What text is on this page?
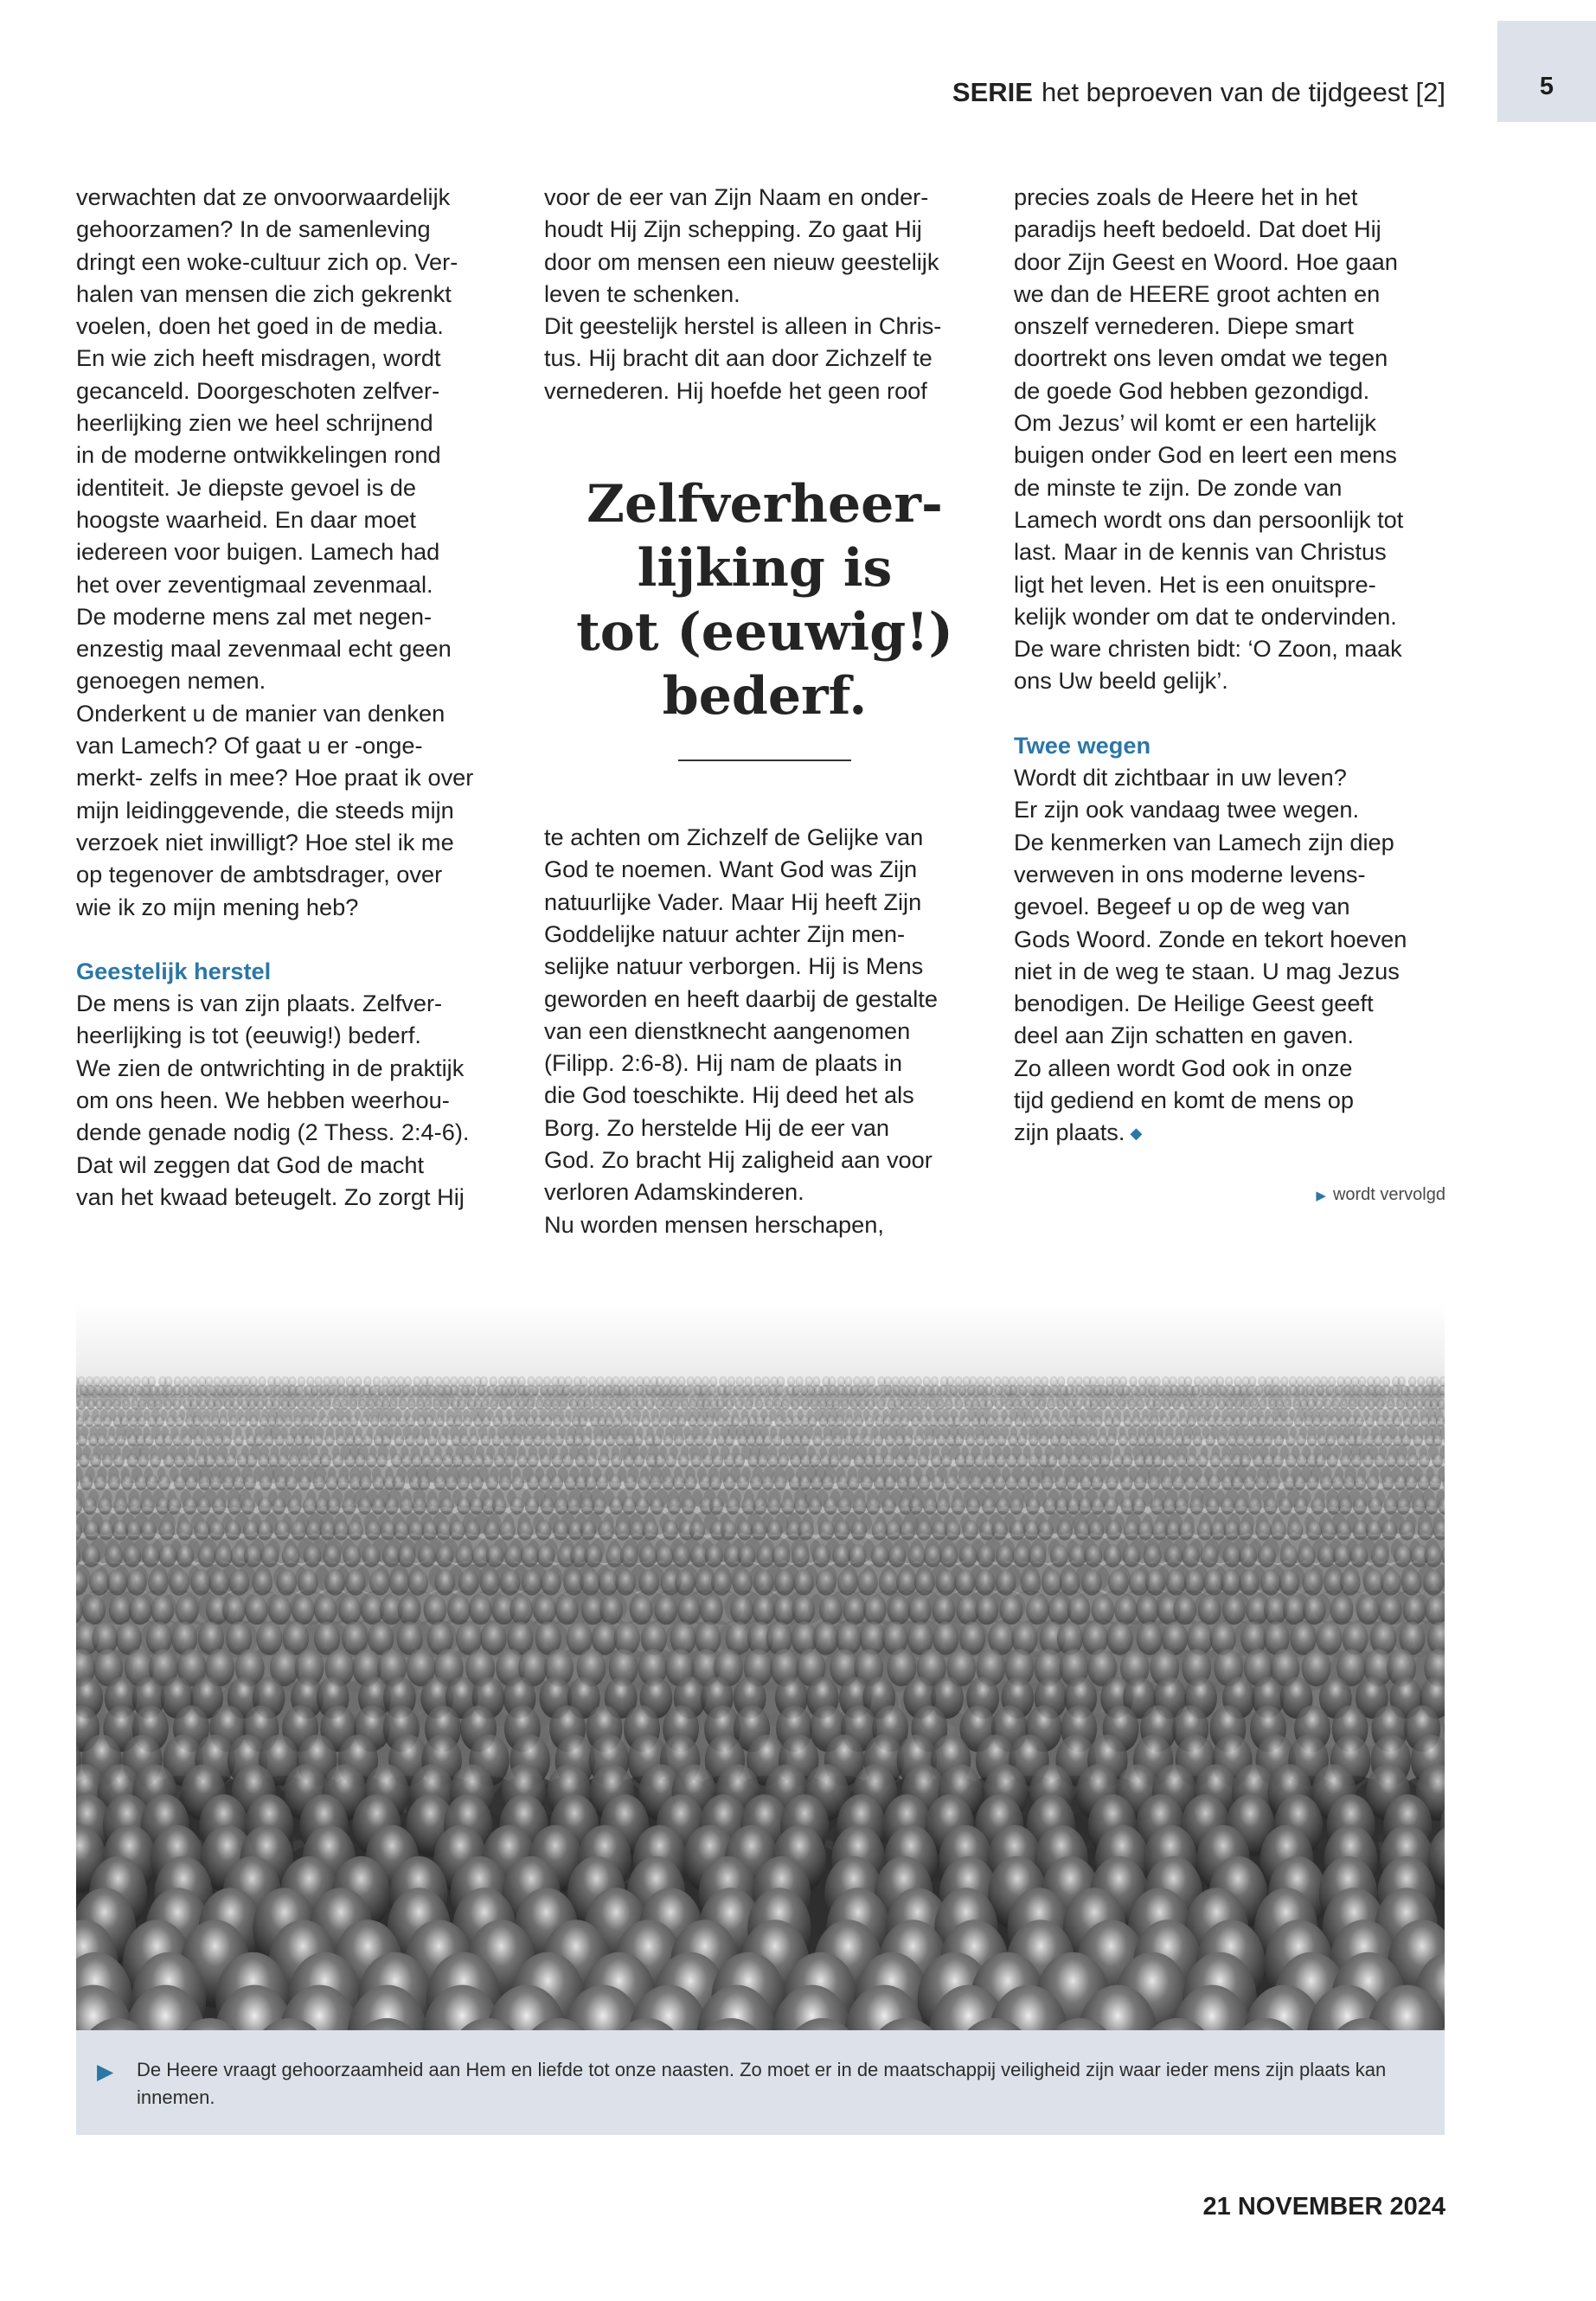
5
SERIE het beproeven van de tijdgeest [2]

verwachten dat ze onvoorwaardelijk
gehoorzamen? In de samenleving
dringt een woke-cultuur zich op. Ver-
halen van mensen die zich gekrenkt
voelen, doen het goed in de media.
En wie zich heeft misdragen, wordt
gecanceld. Doorgeschoten zelfver-
heerlijking zien we heel schrijnend
in de moderne ontwikkelingen rond
identiteit. Je diepste gevoel is de
hoogste waarheid. En daar moet
iedereen voor buigen. Lamech had
het over zeventigmaal zevenmaal.
De moderne mens zal met negen-
enzestig maal zevenmaal echt geen
genoegen nemen.

Onderkent u de manier van denken
van Lamech? Of gaat u er -onge-
merkt- zelfs in mee? Hoe praat ik over
mijn leidinggevende, die steeds mijn
verzoek niet inwilligt? Hoe stel ik me
op tegenover de ambtsdrager, over
wie ik zo mijn mening heb?

Geestelijk herstel

De mens is van zijn plaats. Zelfver-
heerlijking is tot (eeuwig!) bederf.
We zien de ontwrichting in de praktijk
om ons heen. We hebben weerhou-
dende genade nodig (2 Thess. 2:4-6).
Dat wil zeggen dat God de macht
van het kwaad beteugelt. Zo zorgt Hij

voor de eer van Zijn Naam en onder-
houdt Hij Zijn schepping. Zo gaat Hij
door om mensen een nieuw geestelijk
leven te schenken.

Dit geestelijk herstel is alleen in Chris-
tus. Hij bracht dit aan door Zichzelf te
vernederen. Hij hoefde het geen roof

Zelfverheer-
lijking is
tot (eeuwig!)
bederf.

te achten om Zichzelf de Gelijke van
God te noemen. Want God was Zijn
natuurlijke Vader. Maar Hij heeft Zijn
Goddelijke natuur achter Zijn men-
selijke natuur verborgen. Hij is Mens
geworden en heeft daarbij de gestalte
van een dienstknecht aangenomen
(Filipp. 2:6-8). Hij nam de plaats in
die God toeschikte. Hij deed het als
Borg. Zo herstelde Hij de eer van
God. Zo bracht Hij zaligheid aan voor
verloren Adamskinderen.

Nu worden mensen herschapen,

precies zoals de Heere het in het
paradijs heeft bedoeld. Dat doet Hij
door Zijn Geest en Woord. Hoe gaan
we dan de HEERE groot achten en
onszelf vernederen. Diepe smart
doortrekt ons leven omdat we tegen
de goede God hebben gezondigd.
Om Jezus’ wil komt er een hartelijk
buigen onder God en leert een mens
de minste te zijn. De zonde van
Lamech wordt ons dan persoonlijk tot
last. Maar in de kennis van Christus
ligt het leven. Het is een onuitspre-
kelijk wonder om dat te ondervinden.
De ware christen bidt: ‘O Zoon, maak
ons Uw beeld gelijk’.

Twee wegen

Wordt dit zichtbaar in uw leven?
Er zijn ook vandaag twee wegen.
De kenmerken van Lamech zijn diep
verweven in ons moderne levens-
gevoel. Begeef u op de weg van
Gods Woord. Zonde en tekort hoeven
niet in de weg te staan. U mag Jezus
benodigen. De Heilige Geest geeft
deel aan Zijn schatten en gaven.
Zo alleen wordt God ook in onze
tijd gediend en komt de mens op
zijn plaats. ◆

▶ wordt vervolgd
▶ De Heere vraagt gehoorzaamheid aan Hem en liefde tot onze naasten. Zo moet er in de maatschappij veiligheid zijn waar ieder mens zijn plaats kan innemen.
21 NOVEMBER 2024
